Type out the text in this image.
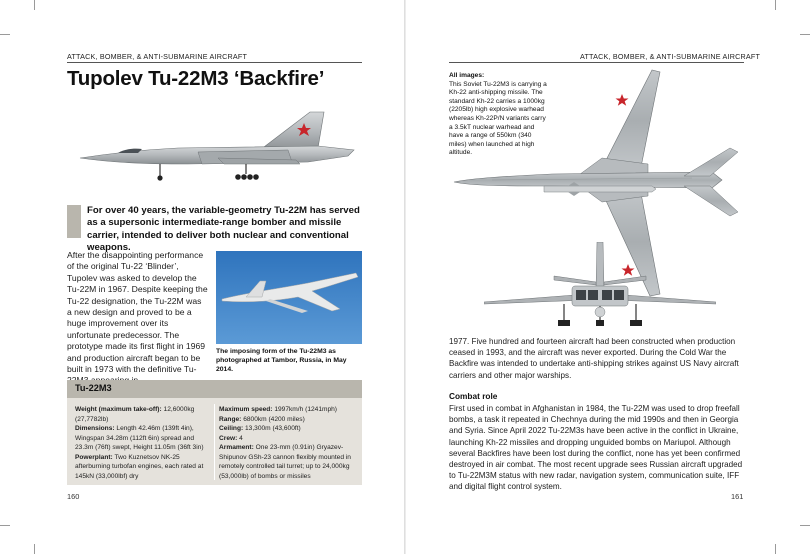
ATTACK, BOMBER, & ANTI-SUBMARINE AIRCRAFT
Tupolev Tu-22M3 ‘Backfire’
For over 40 years, the variable-geometry Tu-22M has served as a supersonic intermediate-range bomber and missile carrier, intended to deliver both nuclear and conventional weapons.
After the disappointing performance of the original Tu-22 ‘Blinder’, Tupolev was asked to develop the Tu-22M in 1967. Despite keeping the Tu-22 designation, the Tu-22M was a new design and proved to be a huge improvement over its unfortunate predecessor. The prototype made its first flight in 1969 and production aircraft began to be built in 1973 with the definitive Tu-
The imposing form of the Tu-22M3 as photographed at Tambor, Russia, in May 2014.
Tu-22M3
Weight (maximum take-off): 12,6000kg (27,7782lb)
Dimensions: Length 42.46m (139ft 4in), Wingspan 34.28m (112ft 6in) spread and 23.3m (76ft) swept, Height 11.05m (36ft 3in)
Powerplant: Two Kuznetsov NK-25 afterburning turbofan engines, each rated at 145kN (33,000lbf) dry
Maximum speed: 1997km/h (1241mph)
Range: 6800km (4200 miles)
Ceiling: 13,300m (43,600ft)
Crew: 4
Armament: One 23-mm (0.91in) Gryazev-Shipunov GSh-23 cannon flexibly mounted in remotely controlled tail turret; up to 24,000kg (53,000lb) of bombs or missiles
160
ATTACK, BOMBER, & ANTI-SUBMARINE AIRCRAFT
All images:
This Soviet Tu-22M3 is carrying a Kh-22 anti-shipping missile. The standard Kh-22 carries a 1000kg (2205lb) high explosive warhead whereas Kh-22P/N variants carry a 3.5kT nuclear warhead and have a range of 550km (340 miles) when launched at high altitude.
1977. Five hundred and fourteen aircraft had been constructed when production ceased in 1993, and the aircraft was never exported. During the Cold War the Backfire was intended to undertake anti-shipping strikes against US Navy aircraft carriers and other major warships.
Combat role
First used in combat in Afghanistan in 1984, the Tu-22M was used to drop freefall bombs, a task it repeated in Chechnya during the mid 1990s and then in Georgia and Syria. Since April 2022 Tu-22M3s have been active in the conflict in Ukraine, launching Kh-22 missiles and dropping unguided bombs on Mariupol. Although several Backfires have been lost during the conflict, none has yet been confirmed destroyed in air combat. The most recent upgrade sees Russian aircraft upgraded to Tu-22M3M status with new radar, navigation system, communication suite, IFF and digital flight control system.
161
